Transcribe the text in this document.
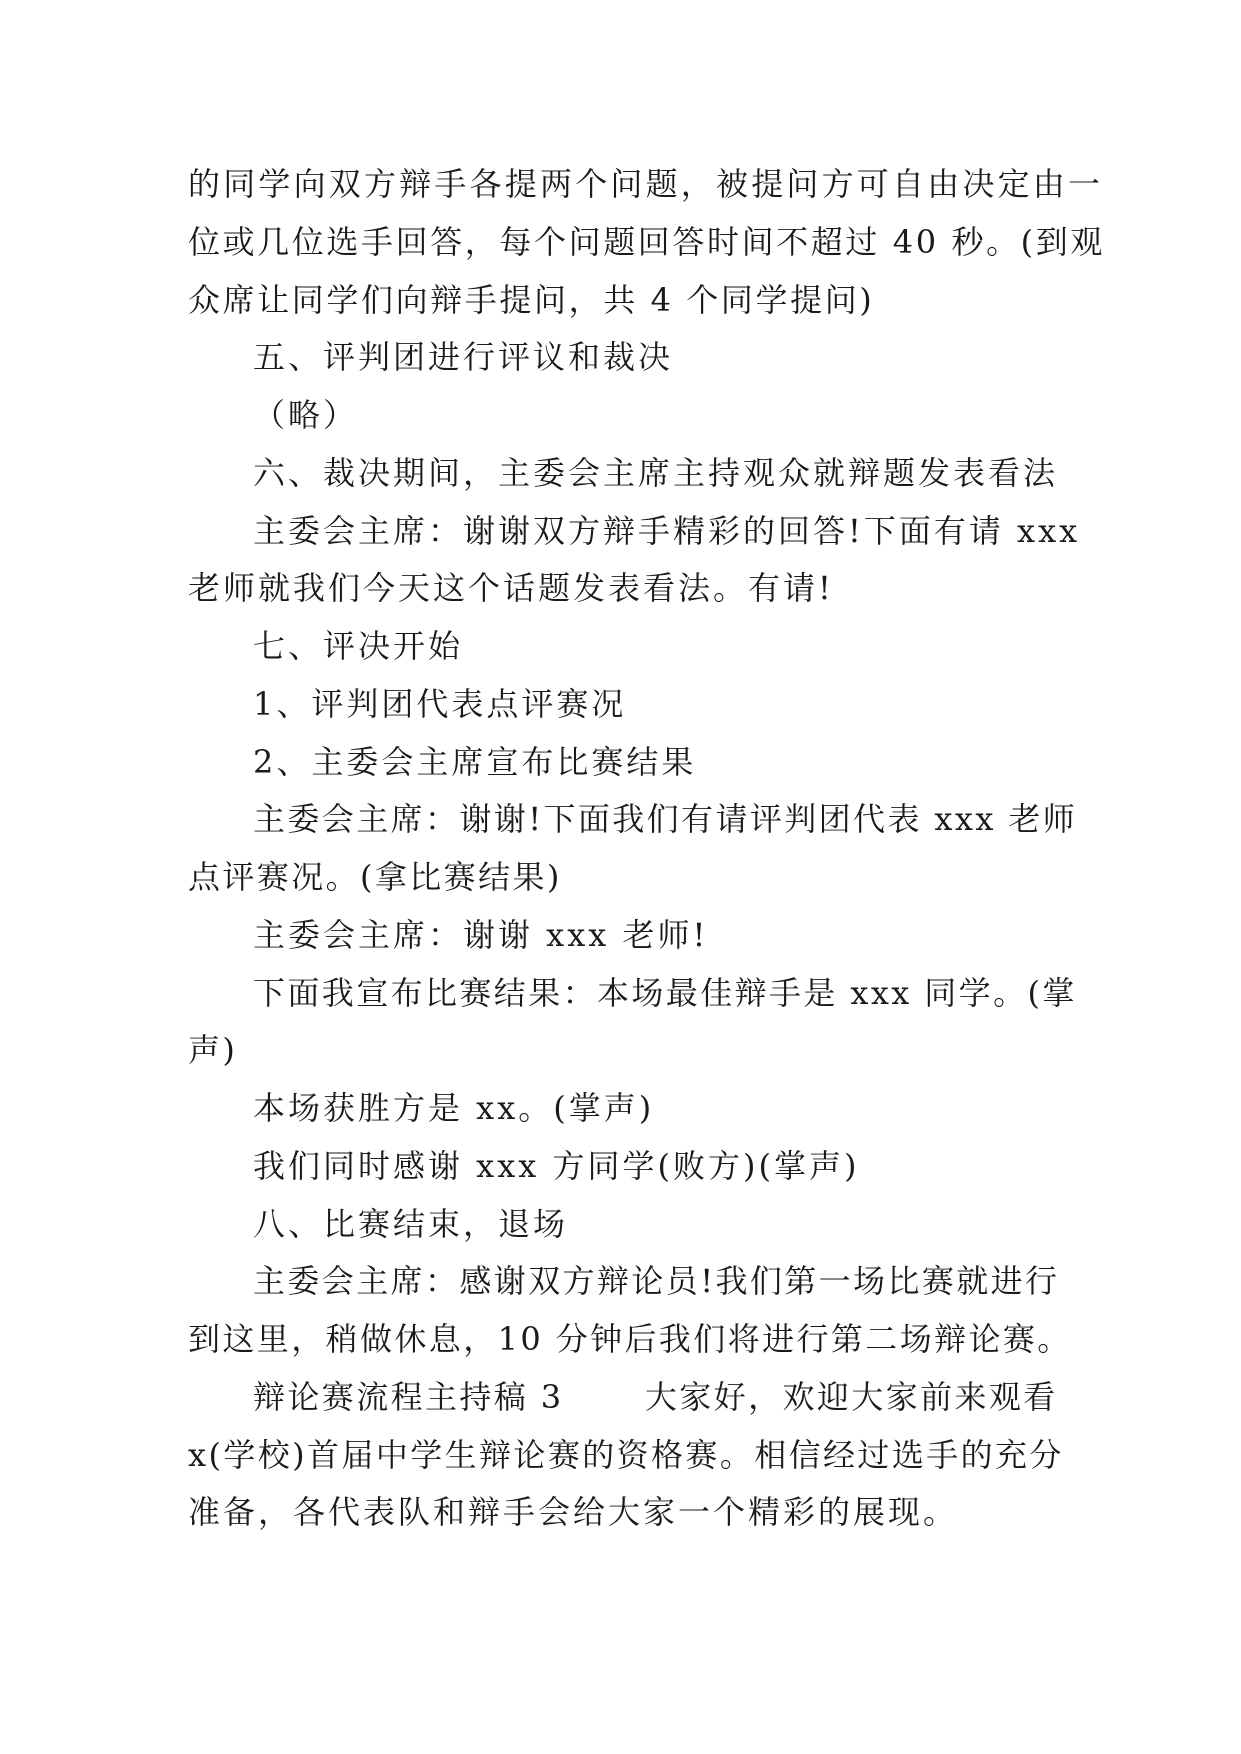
的同学向双方辩手各提两个问题，被提问方可自由决定由一

位或几位选手回答，每个问题回答时间不超过 40 秒。(到观

众席让同学们向辩手提问，共 4 个同学提问)

五、评判团进行评议和裁决

（略）

六、裁决期间，主委会主席主持观众就辩题发表看法

主委会主席：谢谢双方辩手精彩的回答!下面有请 xxx

老师就我们今天这个话题发表看法。有请!

七、评决开始

1、评判团代表点评赛况

2、主委会主席宣布比赛结果

主委会主席：谢谢!下面我们有请评判团代表 xxx 老师

点评赛况。(拿比赛结果)

主委会主席：谢谢 xxx 老师!

下面我宣布比赛结果：本场最佳辩手是 xxx 同学。(掌

声)

本场获胜方是 xx。(掌声)

我们同时感谢 xxx 方同学(败方)(掌声)

八、比赛结束，退场

主委会主席：感谢双方辩论员!我们第一场比赛就进行

到这里，稍做休息，10 分钟后我们将进行第二场辩论赛。

辩论赛流程主持稿 3　　 大家好，欢迎大家前来观看

x(学校)首届中学生辩论赛的资格赛。相信经过选手的充分

准备，各代表队和辩手会给大家一个精彩的展现。
